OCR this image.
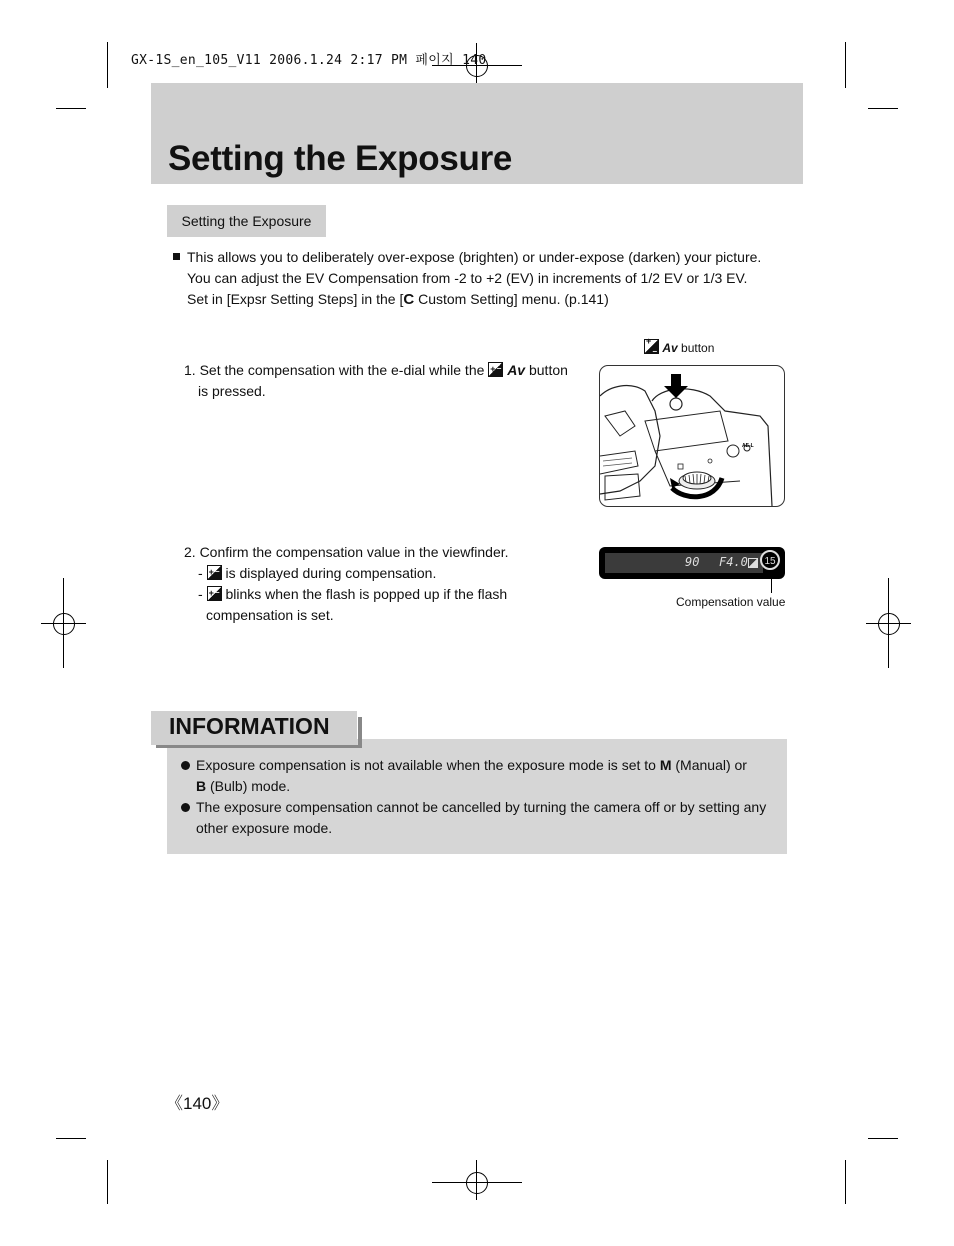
GX-1S_en_105_V11 2006.1.24 2:17 PM 페이지 140
Setting the Exposure
Setting the Exposure
This allows you to deliberately over-expose (brighten) or under-expose (darken) your picture.
You can adjust the EV Compensation from -2 to +2 (EV) in increments of 1/2 EV or 1/3 EV.
Set in [Expsr Setting Steps] in the [C Custom Setting] menu. (p.141)
+ − Av button
1. Set the compensation with the e-dial while the + − Av button
is pressed.
AE-L
2. Confirm the compensation value in the viewfinder.
- + − is displayed during compensation.
- + − blinks when the flash is popped up if the flash
compensation is set.
90 F4.0	15
Compensation value
INFORMATION
Exposure compensation is not available when the exposure mode is set to M (Manual) or
B (Bulb) mode.
The exposure compensation cannot be cancelled by turning the camera off or by setting any
other exposure mode.
《140》
